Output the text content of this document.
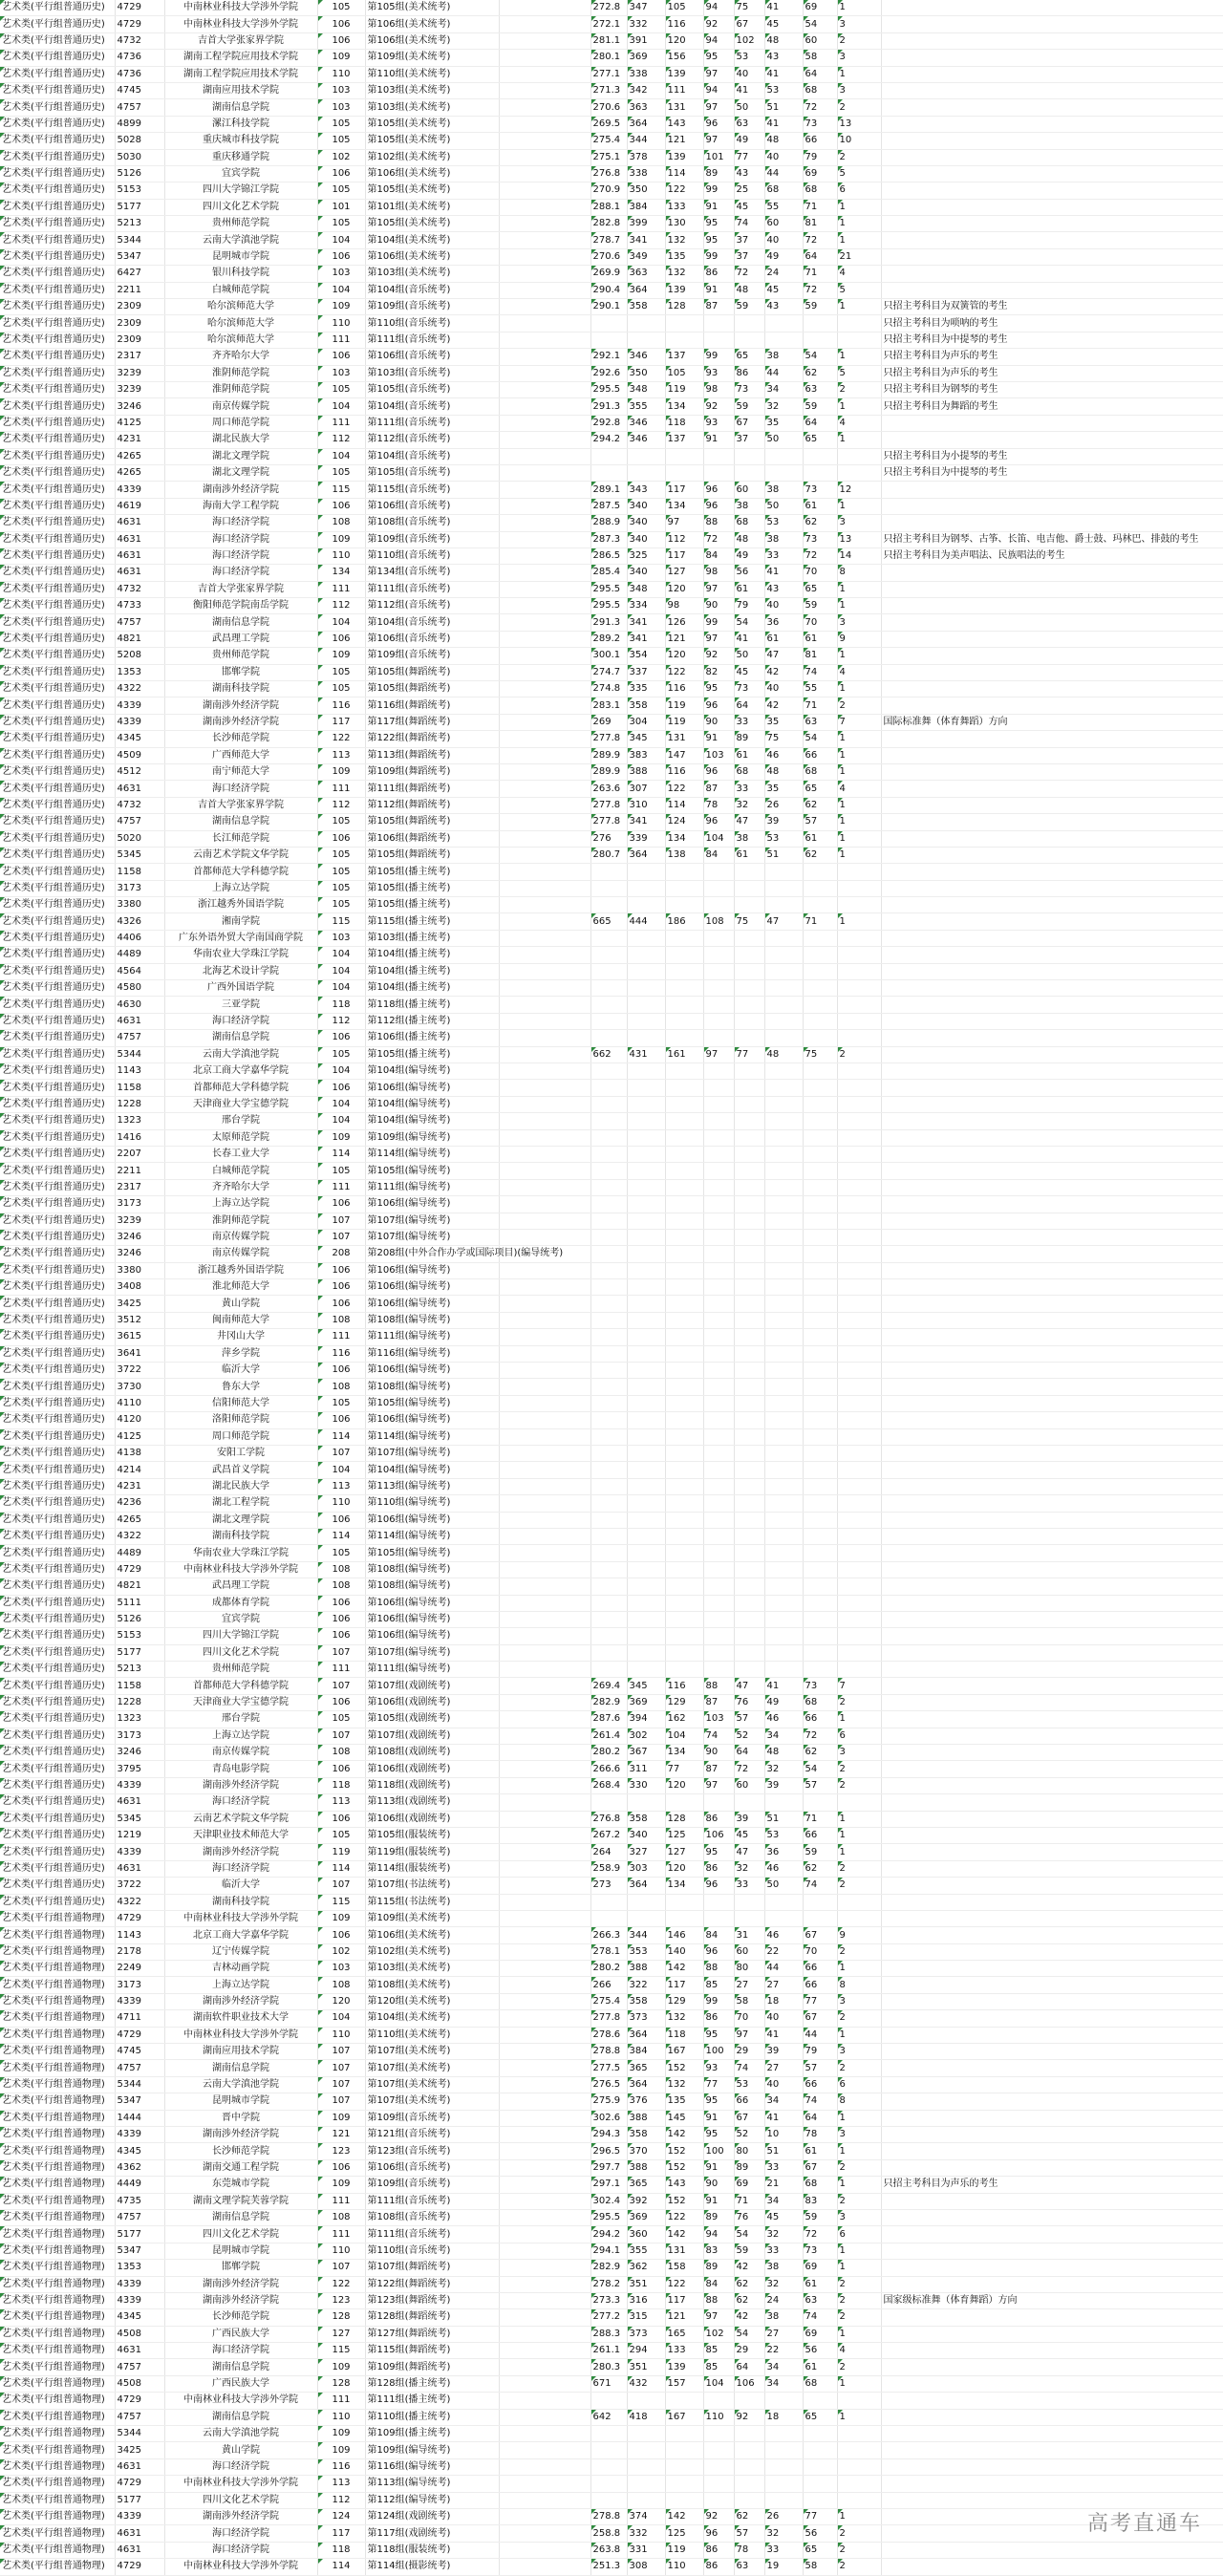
艺术类(平行组普通历史)	4729	中南林业科技大学涉外学院	105	第105组(美术统考)		272.8	347	105	94	75	41	69	1	
艺术类(平行组普通历史)	4729	中南林业科技大学涉外学院	106	第106组(美术统考)		272.1	332	116	92	67	45	54	3	
艺术类(平行组普通历史)	4732	吉首大学张家界学院	106	第106组(美术统考)		281.1	391	120	94	102	48	60	2	
艺术类(平行组普通历史)	4736	湖南工程学院应用技术学院	109	第109组(美术统考)		280.1	369	156	95	53	43	58	3	
艺术类(平行组普通历史)	4736	湖南工程学院应用技术学院	110	第110组(美术统考)		277.1	338	139	97	40	41	64	1	
艺术类(平行组普通历史)	4745	湖南应用技术学院	103	第103组(美术统考)		271.3	342	111	94	41	53	68	3	
艺术类(平行组普通历史)	4757	湖南信息学院	103	第103组(美术统考)		270.6	363	131	97	50	51	72	2	
艺术类(平行组普通历史)	4899	漯江科技学院	105	第105组(美术统考)		269.5	364	143	96	63	41	73	13	
艺术类(平行组普通历史)	5028	重庆城市科技学院	105	第105组(美术统考)		275.4	344	121	97	49	48	66	10	
艺术类(平行组普通历史)	5030	重庆移通学院	102	第102组(美术统考)		275.1	378	139	101	77	40	79	2	
艺术类(平行组普通历史)	5126	宜宾学院	106	第106组(美术统考)		276.8	338	114	89	43	44	69	5	
艺术类(平行组普通历史)	5153	四川大学锦江学院	105	第105组(美术统考)		270.9	350	122	99	25	68	68	6	
艺术类(平行组普通历史)	5177	四川文化艺术学院	101	第101组(美术统考)		288.1	384	133	91	45	55	71	1	
艺术类(平行组普通历史)	5213	贵州师范学院	105	第105组(美术统考)		282.8	399	130	95	74	60	81	1	
艺术类(平行组普通历史)	5344	云南大学滇池学院	104	第104组(美术统考)		278.7	341	132	95	37	40	72	1	
艺术类(平行组普通历史)	5347	昆明城市学院	106	第106组(美术统考)		270.6	349	135	99	37	49	64	21	
艺术类(平行组普通历史)	6427	银川科技学院	103	第103组(美术统考)		269.9	363	132	86	72	24	71	4	
艺术类(平行组普通历史)	2211	白城师范学院	104	第104组(音乐统考)		290.4	364	139	91	48	45	72	5	
艺术类(平行组普通历史)	2309	哈尔滨师范大学	109	第109组(音乐统考)		290.1	358	128	87	59	43	59	1	只招主考科目为双簧管的考生
艺术类(平行组普通历史)	2309	哈尔滨师范大学	110	第110组(音乐统考)										只招主考科目为唢呐的考生
艺术类(平行组普通历史)	2309	哈尔滨师范大学	111	第111组(音乐统考)										只招主考科目为中提琴的考生
艺术类(平行组普通历史)	2317	齐齐哈尔大学	106	第106组(音乐统考)		292.1	346	137	99	65	38	54	1	只招主考科目为声乐的考生
艺术类(平行组普通历史)	3239	淮阴师范学院	103	第103组(音乐统考)		292.6	350	105	93	86	44	62	5	只招主考科目为声乐的考生
艺术类(平行组普通历史)	3239	淮阴师范学院	105	第105组(音乐统考)		295.5	348	119	98	73	34	63	2	只招主考科目为钢琴的考生
艺术类(平行组普通历史)	3246	南京传媒学院	104	第104组(音乐统考)		291.3	355	134	92	59	32	59	1	只招主考科目为舞蹈的考生
艺术类(平行组普通历史)	4125	周口师范学院	111	第111组(音乐统考)		292.8	346	118	93	67	35	64	4	
艺术类(平行组普通历史)	4231	湖北民族大学	112	第112组(音乐统考)		294.2	346	137	91	37	50	65	1	
艺术类(平行组普通历史)	4265	湖北文理学院	104	第104组(音乐统考)										只招主考科目为小提琴的考生
艺术类(平行组普通历史)	4265	湖北文理学院	105	第105组(音乐统考)										只招主考科目为中提琴的考生
艺术类(平行组普通历史)	4339	湖南涉外经济学院	115	第115组(音乐统考)		289.1	343	117	96	60	38	73	12	
艺术类(平行组普通历史)	4619	海南大学工程学院	106	第106组(音乐统考)		287.5	340	134	96	38	50	61	1	
艺术类(平行组普通历史)	4631	海口经济学院	108	第108组(音乐统考)		288.9	340	97	88	68	53	62	3	
艺术类(平行组普通历史)	4631	海口经济学院	109	第109组(音乐统考)		287.3	340	112	72	48	38	73	13	只招主考科目为钢琴、古筝、长笛、电吉他、爵士鼓、玛林巴、排鼓的考生
艺术类(平行组普通历史)	4631	海口经济学院	110	第110组(音乐统考)		286.5	325	117	84	49	33	72	14	只招主考科目为美声唱法、民族唱法的考生
艺术类(平行组普通历史)	4631	海口经济学院	134	第134组(音乐统考)		285.4	340	127	98	56	41	70	8	
艺术类(平行组普通历史)	4732	吉首大学张家界学院	111	第111组(音乐统考)		295.5	348	120	97	61	43	65	1	
艺术类(平行组普通历史)	4733	衡阳师范学院南岳学院	112	第112组(音乐统考)		295.5	334	98	90	79	40	59	1	
艺术类(平行组普通历史)	4757	湖南信息学院	104	第104组(音乐统考)		291.3	341	126	99	54	36	70	3	
艺术类(平行组普通历史)	4821	武昌理工学院	106	第106组(音乐统考)		289.2	341	121	97	41	61	61	9	
艺术类(平行组普通历史)	5208	贵州师范学院	109	第109组(音乐统考)		300.1	354	120	92	50	47	81	1	
艺术类(平行组普通历史)	1353	邯郸学院	105	第105组(舞蹈统考)		274.7	337	122	82	45	42	74	4	
艺术类(平行组普通历史)	4322	湖南科技学院	105	第105组(舞蹈统考)		274.8	335	116	95	73	40	55	1	
艺术类(平行组普通历史)	4339	湖南涉外经济学院	116	第116组(舞蹈统考)		283.1	358	119	96	64	42	71	2	
艺术类(平行组普通历史)	4339	湖南涉外经济学院	117	第117组(舞蹈统考)		269	304	119	90	33	35	63	7	国际标准舞（体育舞蹈）方向
艺术类(平行组普通历史)	4345	长沙师范学院	122	第122组(舞蹈统考)		277.8	345	131	91	89	75	54	1	
艺术类(平行组普通历史)	4509	广西师范大学	113	第113组(舞蹈统考)		289.9	383	147	103	61	46	66	1	
艺术类(平行组普通历史)	4512	南宁师范大学	109	第109组(舞蹈统考)		289.9	388	116	96	68	48	68	1	
艺术类(平行组普通历史)	4631	海口经济学院	111	第111组(舞蹈统考)		263.6	307	122	87	33	35	65	4	
艺术类(平行组普通历史)	4732	吉首大学张家界学院	112	第112组(舞蹈统考)		277.8	310	114	78	32	26	62	1	
艺术类(平行组普通历史)	4757	湖南信息学院	105	第105组(舞蹈统考)		277.8	341	124	96	47	39	57	1	
艺术类(平行组普通历史)	5020	长江师范学院	106	第106组(舞蹈统考)		276	339	134	104	38	53	61	1	
艺术类(平行组普通历史)	5345	云南艺术学院文华学院	105	第105组(舞蹈统考)		280.7	364	138	84	61	51	62	1	
艺术类(平行组普通历史)	1158	首都师范大学科德学院	105	第105组(播主统考)										
艺术类(平行组普通历史)	3173	上海立达学院	105	第105组(播主统考)										
艺术类(平行组普通历史)	3380	浙江越秀外国语学院	105	第105组(播主统考)										
艺术类(平行组普通历史)	4326	湘南学院	115	第115组(播主统考)		665	444	186	108	75	47	71	1	
艺术类(平行组普通历史)	4406	广东外语外贸大学南国商学院	103	第103组(播主统考)										
艺术类(平行组普通历史)	4489	华南农业大学珠江学院	104	第104组(播主统考)										
艺术类(平行组普通历史)	4564	北海艺术设计学院	104	第104组(播主统考)										
艺术类(平行组普通历史)	4580	广西外国语学院	104	第104组(播主统考)										
艺术类(平行组普通历史)	4630	三亚学院	118	第118组(播主统考)										
艺术类(平行组普通历史)	4631	海口经济学院	112	第112组(播主统考)										
艺术类(平行组普通历史)	4757	湖南信息学院	106	第106组(播主统考)										
艺术类(平行组普通历史)	5344	云南大学滇池学院	105	第105组(播主统考)		662	431	161	97	77	48	75	2	
艺术类(平行组普通历史)	1143	北京工商大学嘉华学院	104	第104组(编导统考)										
艺术类(平行组普通历史)	1158	首都师范大学科德学院	106	第106组(编导统考)										
艺术类(平行组普通历史)	1228	天津商业大学宝德学院	104	第104组(编导统考)										
艺术类(平行组普通历史)	1323	邢台学院	104	第104组(编导统考)										
艺术类(平行组普通历史)	1416	太原师范学院	109	第109组(编导统考)										
艺术类(平行组普通历史)	2207	长春工业大学	114	第114组(编导统考)										
艺术类(平行组普通历史)	2211	白城师范学院	105	第105组(编导统考)										
艺术类(平行组普通历史)	2317	齐齐哈尔大学	111	第111组(编导统考)										
艺术类(平行组普通历史)	3173	上海立达学院	106	第106组(编导统考)										
艺术类(平行组普通历史)	3239	淮阴师范学院	107	第107组(编导统考)										
艺术类(平行组普通历史)	3246	南京传媒学院	107	第107组(编导统考)										
艺术类(平行组普通历史)	3246	南京传媒学院	208	第208组(中外合作办学或国际项目)(编导统考)										
艺术类(平行组普通历史)	3380	浙江越秀外国语学院	106	第106组(编导统考)										
艺术类(平行组普通历史)	3408	淮北师范大学	106	第106组(编导统考)										
艺术类(平行组普通历史)	3425	黄山学院	106	第106组(编导统考)										
艺术类(平行组普通历史)	3512	闽南师范大学	108	第108组(编导统考)										
艺术类(平行组普通历史)	3615	井冈山大学	111	第111组(编导统考)										
艺术类(平行组普通历史)	3641	萍乡学院	116	第116组(编导统考)										
艺术类(平行组普通历史)	3722	临沂大学	106	第106组(编导统考)										
艺术类(平行组普通历史)	3730	鲁东大学	108	第108组(编导统考)										
艺术类(平行组普通历史)	4110	信阳师范大学	105	第105组(编导统考)										
艺术类(平行组普通历史)	4120	洛阳师范学院	106	第106组(编导统考)										
艺术类(平行组普通历史)	4125	周口师范学院	114	第114组(编导统考)										
艺术类(平行组普通历史)	4138	安阳工学院	107	第107组(编导统考)										
艺术类(平行组普通历史)	4214	武昌首义学院	104	第104组(编导统考)										
艺术类(平行组普通历史)	4231	湖北民族大学	113	第113组(编导统考)										
艺术类(平行组普通历史)	4236	湖北工程学院	110	第110组(编导统考)										
艺术类(平行组普通历史)	4265	湖北文理学院	106	第106组(编导统考)										
艺术类(平行组普通历史)	4322	湖南科技学院	114	第114组(编导统考)										
艺术类(平行组普通历史)	4489	华南农业大学珠江学院	105	第105组(编导统考)										
艺术类(平行组普通历史)	4729	中南林业科技大学涉外学院	108	第108组(编导统考)										
艺术类(平行组普通历史)	4821	武昌理工学院	108	第108组(编导统考)										
艺术类(平行组普通历史)	5111	成都体育学院	106	第106组(编导统考)										
艺术类(平行组普通历史)	5126	宜宾学院	106	第106组(编导统考)										
艺术类(平行组普通历史)	5153	四川大学锦江学院	106	第106组(编导统考)										
艺术类(平行组普通历史)	5177	四川文化艺术学院	107	第107组(编导统考)										
艺术类(平行组普通历史)	5213	贵州师范学院	111	第111组(编导统考)										
艺术类(平行组普通历史)	1158	首都师范大学科德学院	107	第107组(戏剧统考)		269.4	345	116	88	47	41	73	7	
艺术类(平行组普通历史)	1228	天津商业大学宝德学院	106	第106组(戏剧统考)		282.9	369	129	87	76	49	68	2	
艺术类(平行组普通历史)	1323	邢台学院	105	第105组(戏剧统考)		287.6	394	162	103	57	46	66	1	
艺术类(平行组普通历史)	3173	上海立达学院	107	第107组(戏剧统考)		261.4	302	104	74	52	34	72	6	
艺术类(平行组普通历史)	3246	南京传媒学院	108	第108组(戏剧统考)		280.2	367	134	90	64	48	62	3	
艺术类(平行组普通历史)	3795	青岛电影学院	106	第106组(戏剧统考)		266.6	311	77	87	72	32	54	2	
艺术类(平行组普通历史)	4339	湖南涉外经济学院	118	第118组(戏剧统考)		268.4	330	120	97	60	39	57	2	
艺术类(平行组普通历史)	4631	海口经济学院	113	第113组(戏剧统考)										
艺术类(平行组普通历史)	5345	云南艺术学院文华学院	106	第106组(戏剧统考)		276.8	358	128	86	39	51	71	1	
艺术类(平行组普通历史)	1219	天津职业技术师范大学	105	第105组(服装统考)		267.2	340	125	106	45	53	66	1	
艺术类(平行组普通历史)	4339	湖南涉外经济学院	119	第119组(服装统考)		264	327	127	95	47	36	59	1	
艺术类(平行组普通历史)	4631	海口经济学院	114	第114组(服装统考)		258.9	303	120	86	32	46	62	2	
艺术类(平行组普通历史)	3722	临沂大学	107	第107组(书法统考)		273	364	134	96	33	50	74	2	
艺术类(平行组普通历史)	4322	湖南科技学院	115	第115组(书法统考)										
艺术类(平行组普通物理)	4729	中南林业科技大学涉外学院	109	第109组(美术统考)										
艺术类(平行组普通物理)	1143	北京工商大学嘉华学院	106	第106组(美术统考)		266.3	344	146	84	31	46	67	9	
艺术类(平行组普通物理)	2178	辽宁传媒学院	102	第102组(美术统考)		278.1	353	140	96	60	22	70	2	
艺术类(平行组普通物理)	2249	吉林动画学院	103	第103组(美术统考)		280.2	388	142	88	80	44	66	1	
艺术类(平行组普通物理)	3173	上海立达学院	108	第108组(美术统考)		266	322	117	85	27	27	66	8	
艺术类(平行组普通物理)	4339	湖南涉外经济学院	120	第120组(美术统考)		275.4	358	129	99	58	18	77	3	
艺术类(平行组普通物理)	4711	湖南软件职业技术大学	104	第104组(美术统考)		277.8	373	132	86	70	40	67	2	
艺术类(平行组普通物理)	4729	中南林业科技大学涉外学院	110	第110组(美术统考)		278.6	364	118	95	97	41	44	1	
艺术类(平行组普通物理)	4745	湖南应用技术学院	107	第107组(美术统考)		278.8	384	167	100	29	39	79	3	
艺术类(平行组普通物理)	4757	湖南信息学院	107	第107组(美术统考)		277.5	365	152	93	74	27	57	2	
艺术类(平行组普通物理)	5344	云南大学滇池学院	107	第107组(美术统考)		276.5	364	132	77	53	40	66	6	
艺术类(平行组普通物理)	5347	昆明城市学院	107	第107组(美术统考)		275.9	376	135	95	66	34	74	8	
艺术类(平行组普通物理)	1444	晋中学院	109	第109组(音乐统考)		302.6	388	145	91	67	41	64	1	
艺术类(平行组普通物理)	4339	湖南涉外经济学院	121	第121组(音乐统考)		294.3	358	142	95	52	10	78	3	
艺术类(平行组普通物理)	4345	长沙师范学院	123	第123组(音乐统考)		296.5	370	152	100	80	51	61	1	
艺术类(平行组普通物理)	4362	湖南交通工程学院	106	第106组(音乐统考)		297.7	388	152	91	89	33	67	2	
艺术类(平行组普通物理)	4449	东莞城市学院	109	第109组(音乐统考)		297.1	365	143	90	69	21	68	1	只招主考科目为声乐的考生
艺术类(平行组普通物理)	4735	湖南文理学院芙蓉学院	111	第111组(音乐统考)		302.4	392	152	91	71	34	83	2	
艺术类(平行组普通物理)	4757	湖南信息学院	108	第108组(音乐统考)		295.5	369	122	89	76	45	59	3	
艺术类(平行组普通物理)	5177	四川文化艺术学院	111	第111组(音乐统考)		294.2	360	142	94	54	32	72	6	
艺术类(平行组普通物理)	5347	昆明城市学院	110	第110组(音乐统考)		294.1	355	131	83	59	33	73	1	
艺术类(平行组普通物理)	1353	邯郸学院	107	第107组(舞蹈统考)		282.9	362	158	89	42	38	69	1	
艺术类(平行组普通物理)	4339	湖南涉外经济学院	122	第122组(舞蹈统考)		278.2	351	122	84	62	32	61	2	
艺术类(平行组普通物理)	4339	湖南涉外经济学院	123	第123组(舞蹈统考)		273.3	316	117	88	62	24	63	2	国家级标准舞（体育舞蹈）方向
艺术类(平行组普通物理)	4345	长沙师范学院	128	第128组(舞蹈统考)		277.2	315	121	97	42	38	74	2	
艺术类(平行组普通物理)	4508	广西民族大学	127	第127组(舞蹈统考)		288.3	373	165	102	54	27	69	1	
艺术类(平行组普通物理)	4631	海口经济学院	115	第115组(舞蹈统考)		261.1	294	133	85	29	22	56	4	
艺术类(平行组普通物理)	4757	湖南信息学院	109	第109组(舞蹈统考)		280.3	351	139	85	64	34	61	2	
艺术类(平行组普通物理)	4508	广西民族大学	128	第128组(播主统考)		671	432	157	104	106	34	68	1	
艺术类(平行组普通物理)	4729	中南林业科技大学涉外学院	111	第111组(播主统考)										
艺术类(平行组普通物理)	4757	湖南信息学院	110	第110组(播主统考)		642	418	167	110	92	18	65	1	
艺术类(平行组普通物理)	5344	云南大学滇池学院	109	第109组(播主统考)										
艺术类(平行组普通物理)	3425	黄山学院	109	第109组(编导统考)										
艺术类(平行组普通物理)	4631	海口经济学院	116	第116组(编导统考)										
艺术类(平行组普通物理)	4729	中南林业科技大学涉外学院	113	第113组(编导统考)										
艺术类(平行组普通物理)	5177	四川文化艺术学院	112	第112组(编导统考)										
艺术类(平行组普通物理)	4339	湖南涉外经济学院	124	第124组(戏剧统考)		278.8	374	142	92	62	26	77	1	
艺术类(平行组普通物理)	4631	海口经济学院	117	第117组(戏剧统考)		258.8	332	125	96	57	32	56	2	
艺术类(平行组普通物理)	4631	海口经济学院	118	第118组(服装统考)		263.8	331	119	86	78	33	65	2	
艺术类(平行组普通物理)	4729	中南林业科技大学涉外学院	114	第114组(摄影统考)		251.3	308	110	86	63	19	58	2	
高考直通车
